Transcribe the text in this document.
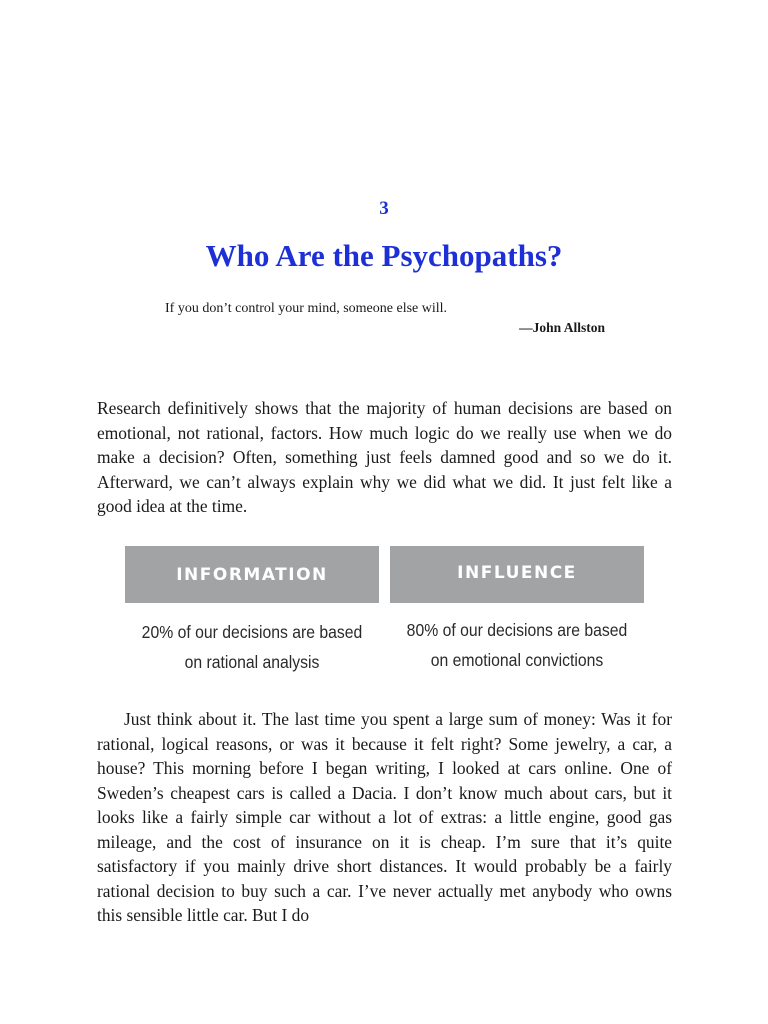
3
Who Are the Psychopaths?
If you don’t control your mind, someone else will.
—John Allston

Research definitively shows that the majority of human decisions are based on emotional, not rational, factors. How much logic do we really use when we do make a decision? Often, something just feels damned good and so we do it. Afterward, we can’t always explain why we did what we did. It just felt like a good idea at the time.

INFORMATION
20% of our decisions are based
on rational analysis
INFLUENCE
80% of our decisions are based
on emotional convictions

Just think about it. The last time you spent a large sum of money: Was it for rational, logical reasons, or was it because it felt right? Some jewelry, a car, a house? This morning before I began writing, I looked at cars online. One of Sweden’s cheapest cars is called a Dacia. I don’t know much about cars, but it looks like a fairly simple car without a lot of extras: a little engine, good gas mileage, and the cost of insurance on it is cheap. I’m sure that it’s quite satisfactory if you mainly drive short distances. It would probably be a fairly rational decision to buy such a car. I’ve never actually met anybody who owns this sensible little car. But I do
